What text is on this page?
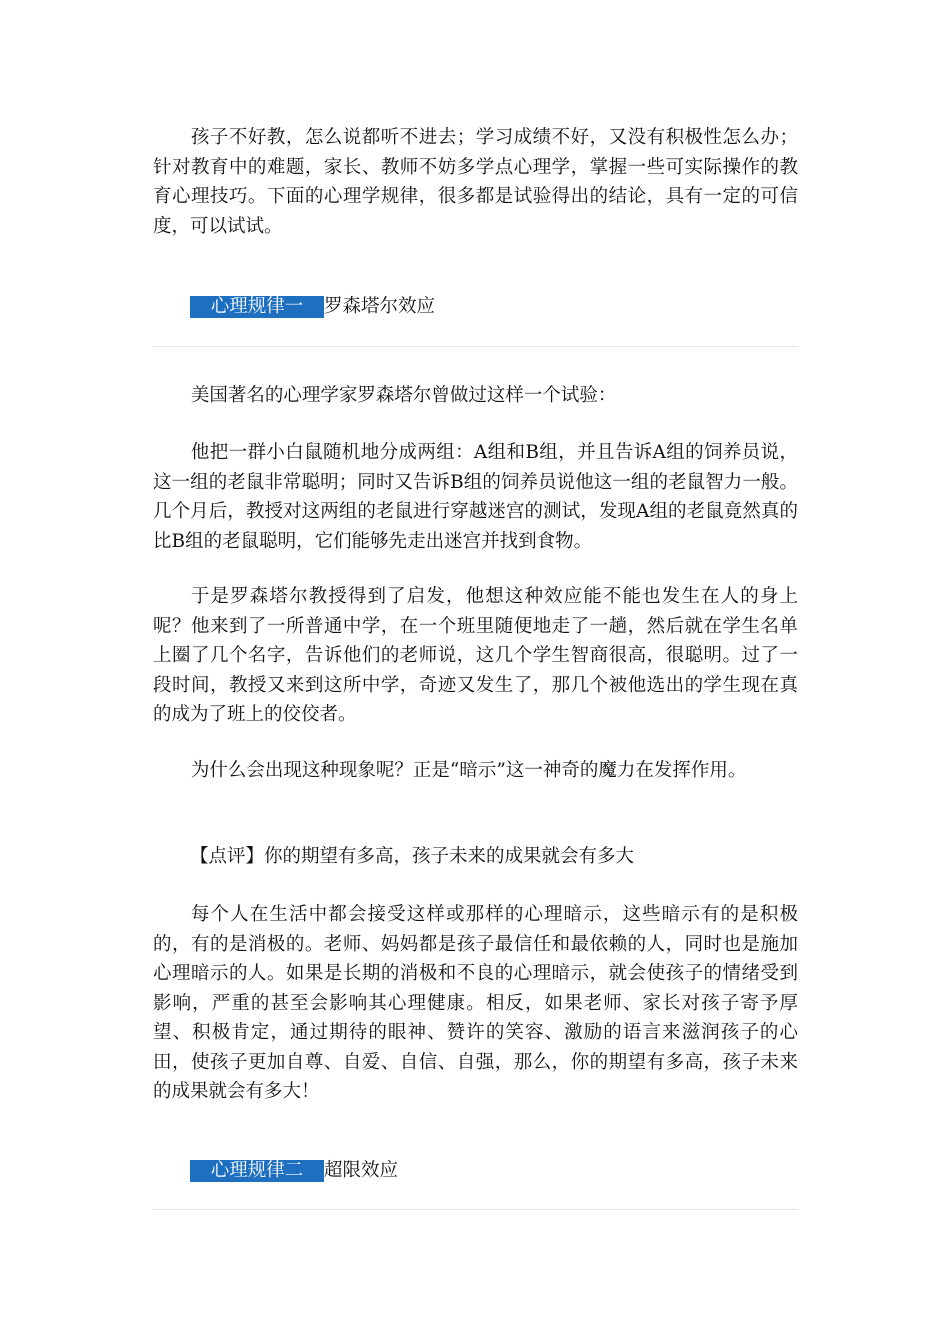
孩子不好教，怎么说都听不进去；学习成绩不好，又没有积极性怎么办；针对教育中的难题，家长、教师不妨多学点心理学，掌握一些可实际操作的教育心理技巧。下面的心理学规律，很多都是试验得出的结论，具有一定的可信度，可以试试。

心理规律一 罗森塔尔效应

美国著名的心理学家罗森塔尔曾做过这样一个试验：

他把一群小白鼠随机地分成两组：A组和B组，并且告诉A组的饲养员说，这一组的老鼠非常聪明；同时又告诉B组的饲养员说他这一组的老鼠智力一般。几个月后，教授对这两组的老鼠进行穿越迷宫的测试，发现A组的老鼠竟然真的比B组的老鼠聪明，它们能够先走出迷宫并找到食物。

于是罗森塔尔教授得到了启发，他想这种效应能不能也发生在人的身上呢？他来到了一所普通中学，在一个班里随便地走了一趟，然后就在学生名单上圈了几个名字，告诉他们的老师说，这几个学生智商很高，很聪明。过了一段时间，教授又来到这所中学，奇迹又发生了，那几个被他选出的学生现在真的成为了班上的佼佼者。

为什么会出现这种现象呢？正是“暗示”这一神奇的魔力在发挥作用。

【点评】你的期望有多高，孩子未来的成果就会有多大

每个人在生活中都会接受这样或那样的心理暗示，这些暗示有的是积极的，有的是消极的。老师、妈妈都是孩子最信任和最依赖的人，同时也是施加心理暗示的人。如果是长期的消极和不良的心理暗示，就会使孩子的情绪受到影响，严重的甚至会影响其心理健康。相反，如果老师、家长对孩子寄予厚望、积极肯定，通过期待的眼神、赞许的笑容、激励的语言来滋润孩子的心田，使孩子更加自尊、自爱、自信、自强，那么，你的期望有多高，孩子未来的成果就会有多大！

心理规律二 超限效应
